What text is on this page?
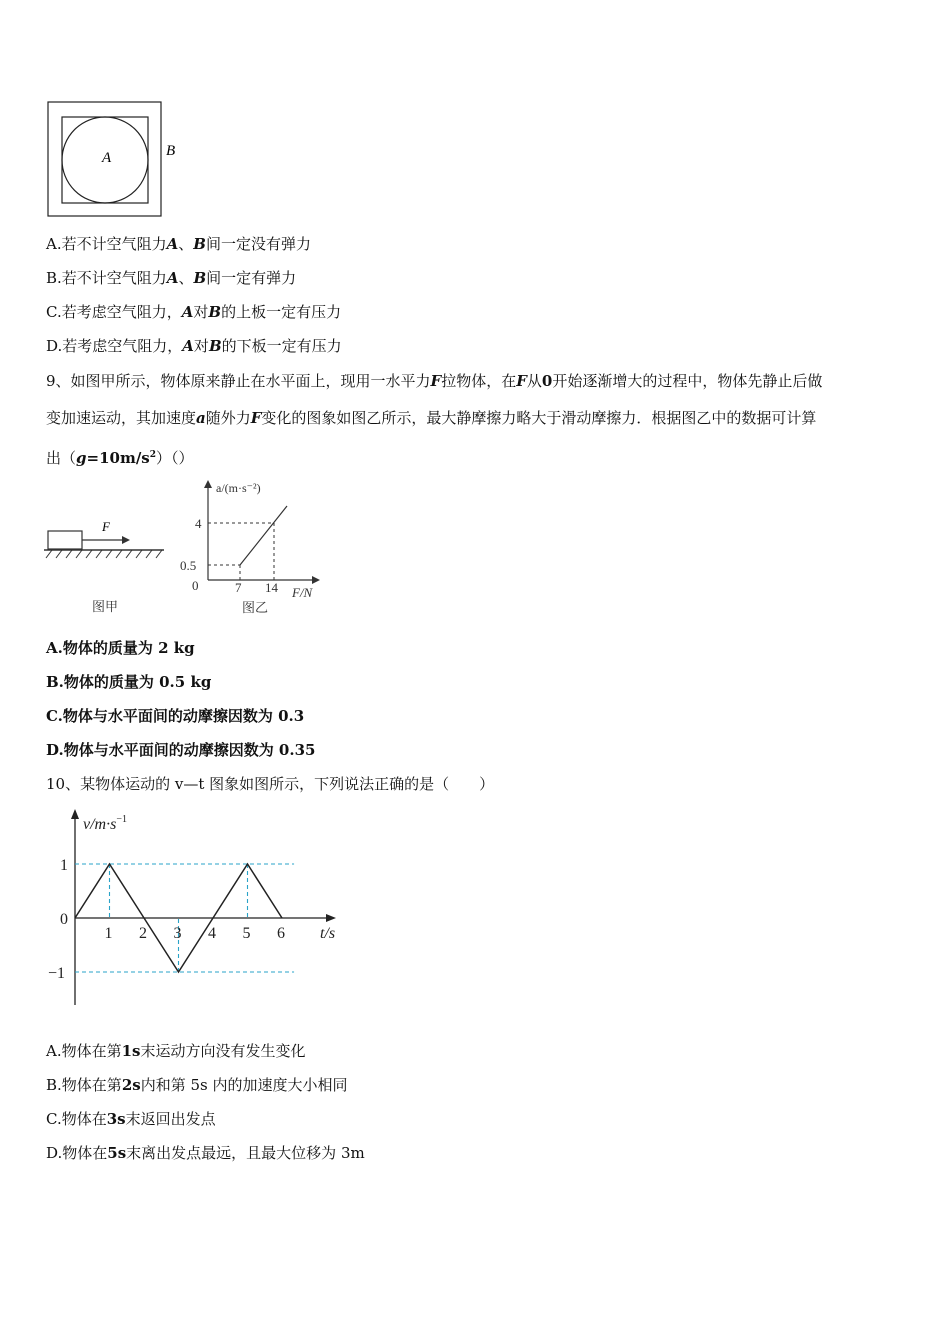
A	B
A.若不计空气阻力A、B间一定没有弹力
B.若不计空气阻力A、B间一定有弹力
C.若考虑空气阻力，A对B的上板一定有压力
D.若考虑空气阻力，A对B的下板一定有压力
9、如图甲所示，物体原来静止在水平面上，现用一水平力F拉物体，在F从0开始逐渐增大的过程中，物体先静止后做
变加速运动，其加速度a随外力F变化的图象如图乙所示，最大静摩擦力略大于滑动摩擦力．根据图乙中的数据可计算
出$(g=10m/s^2)()$
F
图甲
a/(m·s⁻²)
F/N
4
0.5
0	7 14
图乙
A.物体的质量为 2 kg
B.物体的质量为 0.5 kg
C.物体与水平面间的动摩擦因数为 0.3
D.物体与水平面间的动摩擦因数为 0.35
10、某物体运动的 v—t 图象如图所示，下列说法正确的是（　　）
$v/m\cdot s^{-1}$
t/s
1 2 3 4 5 6
1
0
−1
A.物体在第1s末运动方向没有发生变化
B.物体在第2s内和第 5s 内的加速度大小相同
C.物体在3s末返回出发点
D.物体在5s末离出发点最远，且最大位移为 3m
